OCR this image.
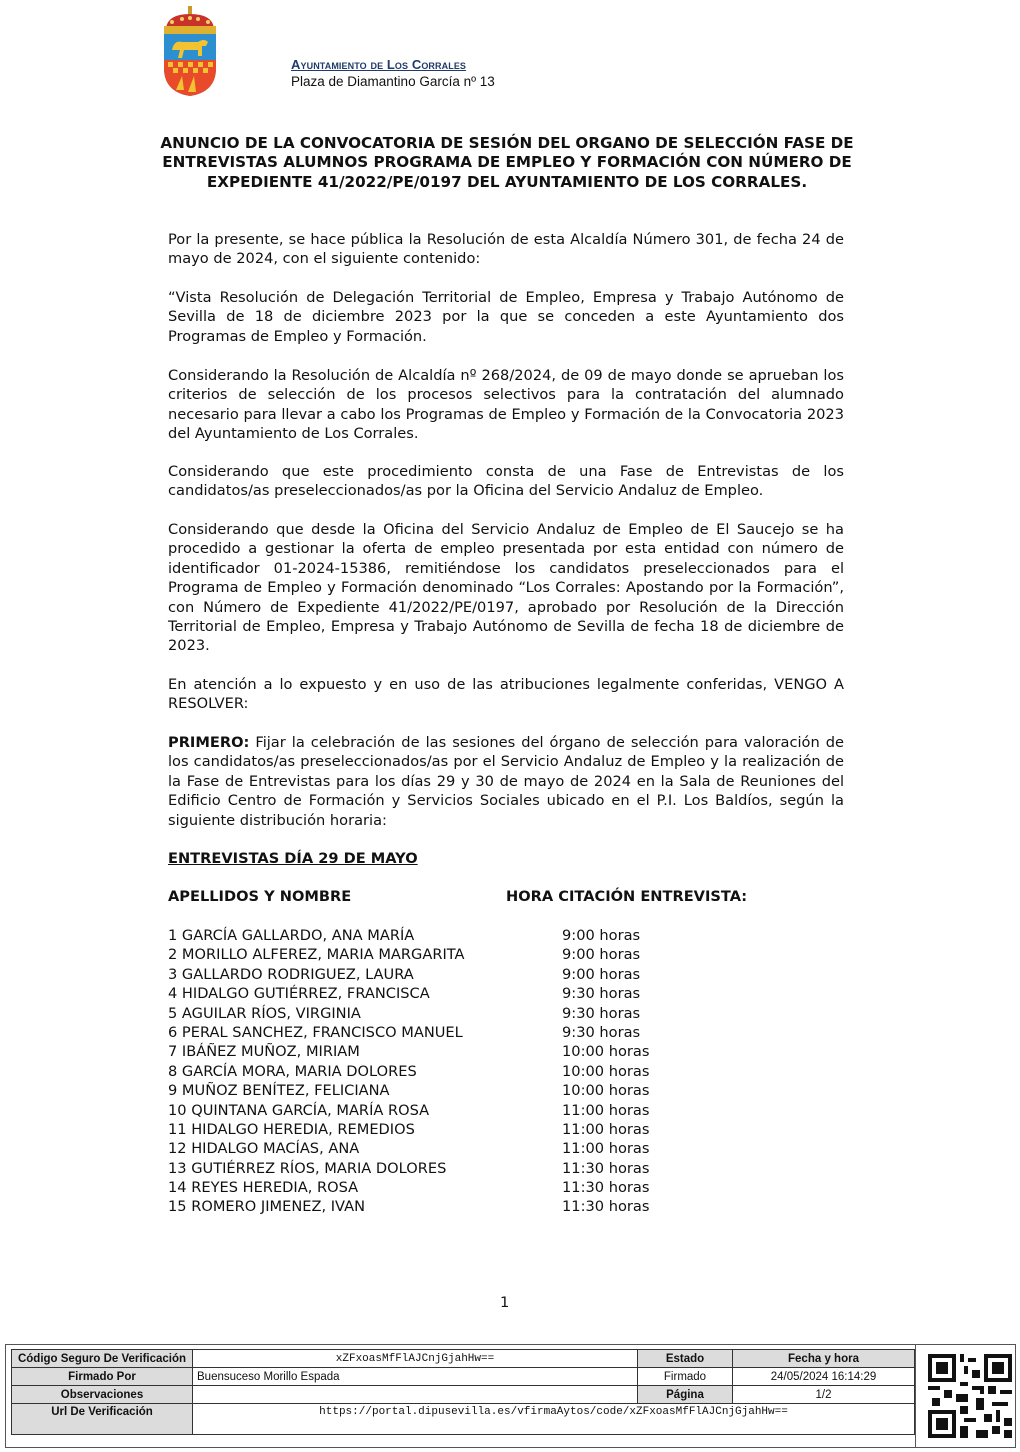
Ayuntamiento de Los Corrales
Plaza de Diamantino García nº 13
ANUNCIO DE LA CONVOCATORIA DE SESIÓN DEL ORGANO DE SELECCIÓN FASE DE ENTREVISTAS ALUMNOS PROGRAMA DE EMPLEO Y FORMACIÓN CON NÚMERO DE EXPEDIENTE 41/2022/PE/0197 DEL AYUNTAMIENTO DE LOS CORRALES.
Por la presente, se hace pública la Resolución de esta Alcaldía Número 301, de fecha 24 de mayo de 2024, con el siguiente contenido:
“Vista Resolución de Delegación Territorial de Empleo, Empresa y Trabajo Autónomo de Sevilla de 18 de diciembre 2023 por la que se conceden a este Ayuntamiento dos Programas de Empleo y Formación.
Considerando la Resolución de Alcaldía nº 268/2024, de 09 de mayo donde se aprueban los criterios de selección de los procesos selectivos para la contratación del alumnado necesario para llevar a cabo los Programas de Empleo y Formación de la Convocatoria 2023 del Ayuntamiento de Los Corrales.
Considerando que este procedimiento consta de una Fase de Entrevistas de los candidatos/as preseleccionados/as por la Oficina del Servicio Andaluz de Empleo.
Considerando que desde la Oficina del Servicio Andaluz de Empleo de El Saucejo se ha procedido a gestionar la oferta de empleo presentada por esta entidad con número de identificador 01-2024-15386, remitiéndose los candidatos preseleccionados para el Programa de Empleo y Formación denominado “Los Corrales: Apostando por la Formación”, con Número de Expediente 41/2022/PE/0197, aprobado por Resolución de la Dirección Territorial de Empleo, Empresa y Trabajo Autónomo de Sevilla de fecha 18 de diciembre de 2023.
En atención a lo expuesto y en uso de las atribuciones legalmente conferidas, VENGO A RESOLVER:
PRIMERO: Fijar la celebración de las sesiones del órgano de selección para valoración de los candidatos/as preseleccionados/as por el Servicio Andaluz de Empleo y la realización de la Fase de Entrevistas para los días 29 y 30 de mayo de 2024 en la Sala de Reuniones del Edificio Centro de Formación y Servicios Sociales ubicado en el P.I. Los Baldíos, según la siguiente distribución horaria:
ENTREVISTAS DÍA 29 DE MAYO
APELLIDOS Y NOMBRE	HORA CITACIÓN ENTREVISTA:
1 GARCÍA GALLARDO, ANA MARÍA	9:00 horas
2 MORILLO ALFEREZ, MARIA MARGARITA	9:00 horas
3 GALLARDO RODRIGUEZ, LAURA	9:00 horas
4 HIDALGO GUTIÉRREZ, FRANCISCA	9:30 horas
5 AGUILAR RÍOS, VIRGINIA	9:30 horas
6 PERAL SANCHEZ, FRANCISCO MANUEL	9:30 horas
7 IBÁÑEZ MUÑOZ, MIRIAM	10:00 horas
8 GARCÍA MORA, MARIA DOLORES	10:00 horas
9 MUÑOZ BENÍTEZ, FELICIANA	10:00 horas
10 QUINTANA GARCÍA, MARÍA ROSA	11:00 horas
11 HIDALGO HEREDIA, REMEDIOS	11:00 horas
12 HIDALGO MACÍAS, ANA	11:00 horas
13 GUTIÉRREZ RÍOS, MARIA DOLORES	11:30 horas
14 REYES HEREDIA, ROSA	11:30 horas
15 ROMERO JIMENEZ, IVAN	11:30 horas
1
Código Seguro De Verificación	xZFxoasMfFlAJCnjGjahHw==	Estado	Fecha y hora
Firmado Por	Buensuceso Morillo Espada	Firmado	24/05/2024 16:14:29
Observaciones		Página	1/2
Url De Verificación	https://portal.dipusevilla.es/vfirmaAytos/code/xZFxoasMfFlAJCnjGjahHw==		
